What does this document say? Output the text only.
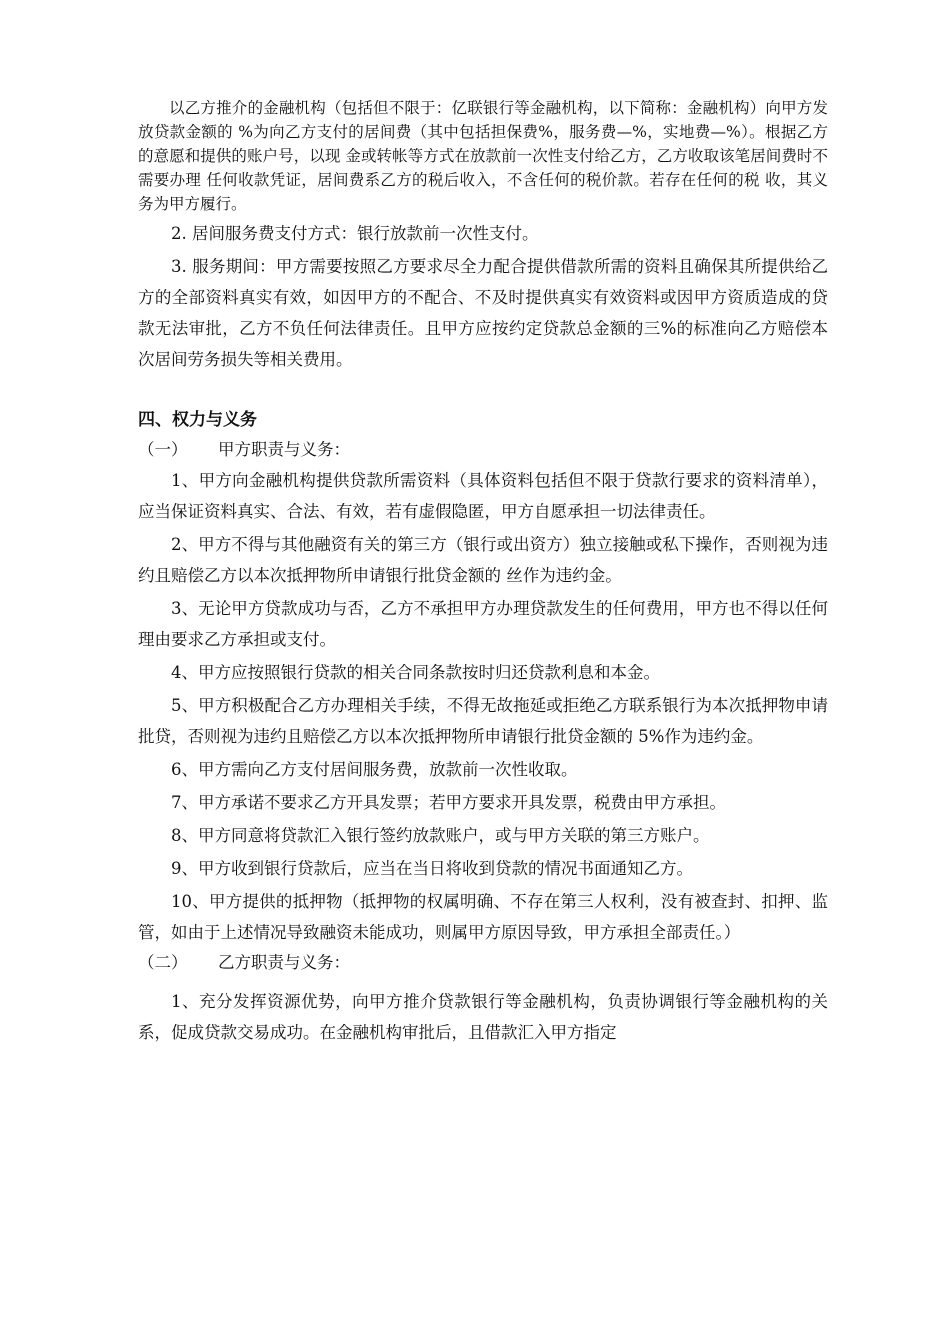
以乙方推介的金融机构（包括但不限于：亿联银行等金融机构，以下简称：金融机构）向甲方发放贷款金额的 %为向乙方支付的居间费（其中包括担保费%，服务费—%，实地费—%）。根据乙方的意愿和提供的账户号，以现 金或转帐等方式在放款前一次性支付给乙方，乙方收取该笔居间费时不需要办理 任何收款凭证，居间费系乙方的税后收入，不含任何的税价款。若存在任何的税 收，其义务为甲方履行。

2. 居间服务费支付方式：银行放款前一次性支付。

3. 服务期间：甲方需要按照乙方要求尽全力配合提供借款所需的资料且确保其所提供给乙方的全部资料真实有效，如因甲方的不配合、不及时提供真实有效资料或因甲方资质造成的贷款无法审批，乙方不负任何法律责任。且甲方应按约定贷款总金额的三%的标准向乙方赔偿本次居间劳务损失等相关费用。

四、权力与义务

（一） 甲方职责与义务：

1、甲方向金融机构提供贷款所需资料（具体资料包括但不限于贷款行要求的资料清单），应当保证资料真实、合法、有效，若有虚假隐匿，甲方自愿承担一切法律责任。

2、甲方不得与其他融资有关的第三方（银行或出资方）独立接触或私下操作，否则视为违约且赔偿乙方以本次抵押物所申请银行批贷金额的 丝作为违约金。

3、无论甲方贷款成功与否，乙方不承担甲方办理贷款发生的任何费用，甲方也不得以任何理由要求乙方承担或支付。

4、甲方应按照银行贷款的相关合同条款按时归还贷款利息和本金。

5、甲方积极配合乙方办理相关手续，不得无故拖延或拒绝乙方联系银行为本次抵押物申请批贷，否则视为违约且赔偿乙方以本次抵押物所申请银行批贷金额的 5%作为违约金。

6、甲方需向乙方支付居间服务费，放款前一次性收取。

7、甲方承诺不要求乙方开具发票；若甲方要求开具发票，税费由甲方承担。

8、甲方同意将贷款汇入银行签约放款账户，或与甲方关联的第三方账户。

9、甲方收到银行贷款后，应当在当日将收到贷款的情况书面通知乙方。

10、甲方提供的抵押物（抵押物的权属明确、不存在第三人权利，没有被查封、扣押、监管，如由于上述情况导致融资未能成功，则属甲方原因导致，甲方承担全部责任。）

（二） 乙方职责与义务：

1、充分发挥资源优势，向甲方推介贷款银行等金融机构，负责协调银行等金融机构的关系，促成贷款交易成功。在金融机构审批后，且借款汇入甲方指定
